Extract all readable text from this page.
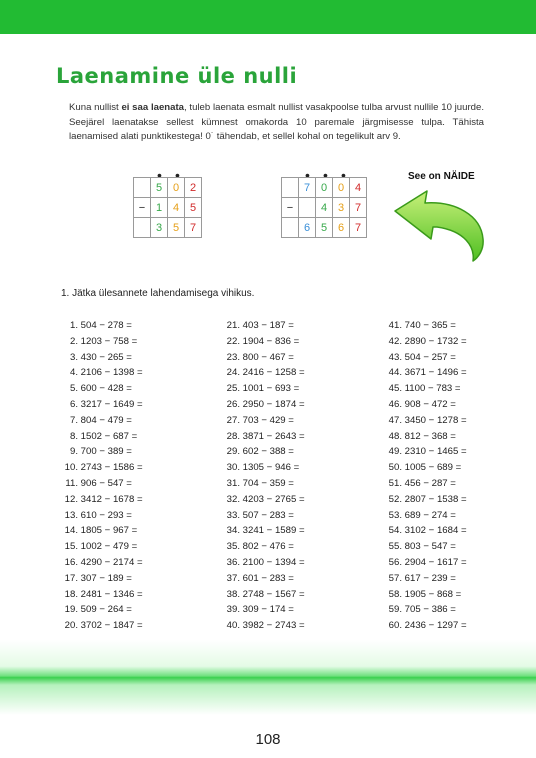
Laenamine üle nulli

Kuna nullist ei saa laenata, tuleb laenata esmalt nullist vasakpoolse tulba arvust nullile 10 juurde. Seejärel laenatakse sellest kümnest omakorda 10 paremale järgmisesse tulpa. Tähista laenamised alati punktikestega! 0˙ tähendab, et sellel kohal on tegelikult arv 9.

• •
	5	0	2
−	1	4	5
	3	5	7
• • •
	7	0	0	4
−		4	3	7
	6	5	6	7
See on NÄIDE
1. Jätka ülesannete lahendamisega vihikus.
1. 504 − 278 =
2. 1203 − 758 =
3. 430 − 265 =
4. 2106 − 1398 =
5. 600 − 428 =
6. 3217 − 1649 =
7. 804 − 479 =
8. 1502 − 687 =
9. 700 − 389 =
10. 2743 − 1586 =
11. 906 − 547 =
12. 3412 − 1678 =
13. 610 − 293 =
14. 1805 − 967 =
15. 1002 − 479 =
16. 4290 − 2174 =
17. 307 − 189 =
18. 2481 − 1346 =
19. 509 − 264 =
20. 3702 − 1847 =
21. 403 − 187 =
22. 1904 − 836 =
23. 800 − 467 =
24. 2416 − 1258 =
25. 1001 − 693 =
26. 2950 − 1874 =
27. 703 − 429 =
28. 3871 − 2643 =
29. 602 − 388 =
30. 1305 − 946 =
31. 704 − 359 =
32. 4203 − 2765 =
33. 507 − 283 =
34. 3241 − 1589 =
35. 802 − 476 =
36. 2100 − 1394 =
37. 601 − 283 =
38. 2748 − 1567 =
39. 309 − 174 =
40. 3982 − 2743 =
41. 740 − 365 =
42. 2890 − 1732 =
43. 504 − 257 =
44. 3671 − 1496 =
45. 1100 − 783 =
46. 908 − 472 =
47. 3450 − 1278 =
48. 812 − 368 =
49. 2310 − 1465 =
50. 1005 − 689 =
51. 456 − 287 =
52. 2807 − 1538 =
53. 689 − 274 =
54. 3102 − 1684 =
55. 803 − 547 =
56. 2904 − 1617 =
57. 617 − 239 =
58. 1905 − 868 =
59. 705 − 386 =
60. 2436 − 1297 =
108
